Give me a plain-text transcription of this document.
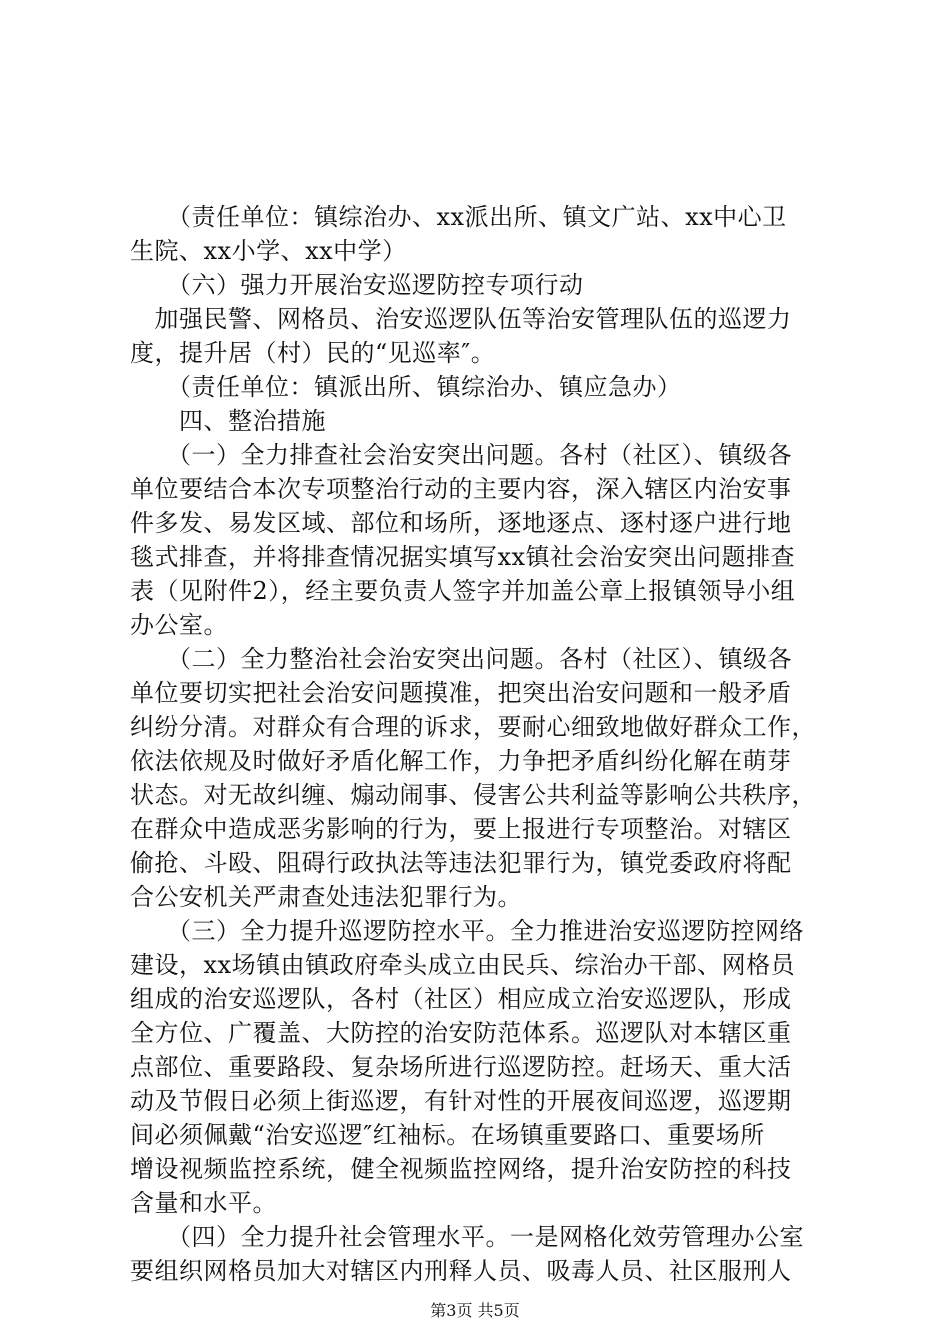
　　（责任单位：镇综治办、xx派出所、镇文广站、xx中心卫
生院、xx小学、xx中学）
　　（六）强力开展治安巡逻防控专项行动
　加强民警、网格员、治安巡逻队伍等治安管理队伍的巡逻力
度，提升居（村）民的“见巡率″。
　　（责任单位：镇派出所、镇综治办、镇应急办）
　　四、整治措施
　　（一）全力排查社会治安突出问题。各村（社区）、镇级各
单位要结合本次专项整治行动的主要内容，深入辖区内治安事
件多发、易发区域、部位和场所，逐地逐点、逐村逐户进行地
毯式排查，并将排查情况据实填写xx镇社会治安突出问题排查
表（见附件2），经主要负责人签字并加盖公章上报镇领导小组
办公室。
　　（二）全力整治社会治安突出问题。各村（社区）、镇级各
单位要切实把社会治安问题摸准，把突出治安问题和一般矛盾
纠纷分清。对群众有合理的诉求，要耐心细致地做好群众工作，
依法依规及时做好矛盾化解工作，力争把矛盾纠纷化解在萌芽
状态。对无故纠缠、煽动闹事、侵害公共利益等影响公共秩序，
在群众中造成恶劣影响的行为，要上报进行专项整治。对辖区
偷抢、斗殴、阻碍行政执法等违法犯罪行为，镇党委政府将配
合公安机关严肃查处违法犯罪行为。
　　（三）全力提升巡逻防控水平。全力推进治安巡逻防控网络
建设，xx场镇由镇政府牵头成立由民兵、综治办干部、网格员
组成的治安巡逻队，各村（社区）相应成立治安巡逻队，形成
全方位、广覆盖、大防控的治安防范体系。巡逻队对本辖区重
点部位、重要路段、复杂场所进行巡逻防控。赶场天、重大活
动及节假日必须上街巡逻，有针对性的开展夜间巡逻，巡逻期
间必须佩戴“治安巡逻″红袖标。在场镇重要路口、重要场所
增设视频监控系统，健全视频监控网络，提升治安防控的科技
含量和水平。
　　（四）全力提升社会管理水平。一是网格化效劳管理办公室
要组织网格员加大对辖区内刑释人员、吸毒人员、社区服刑人
第3页 共5页
